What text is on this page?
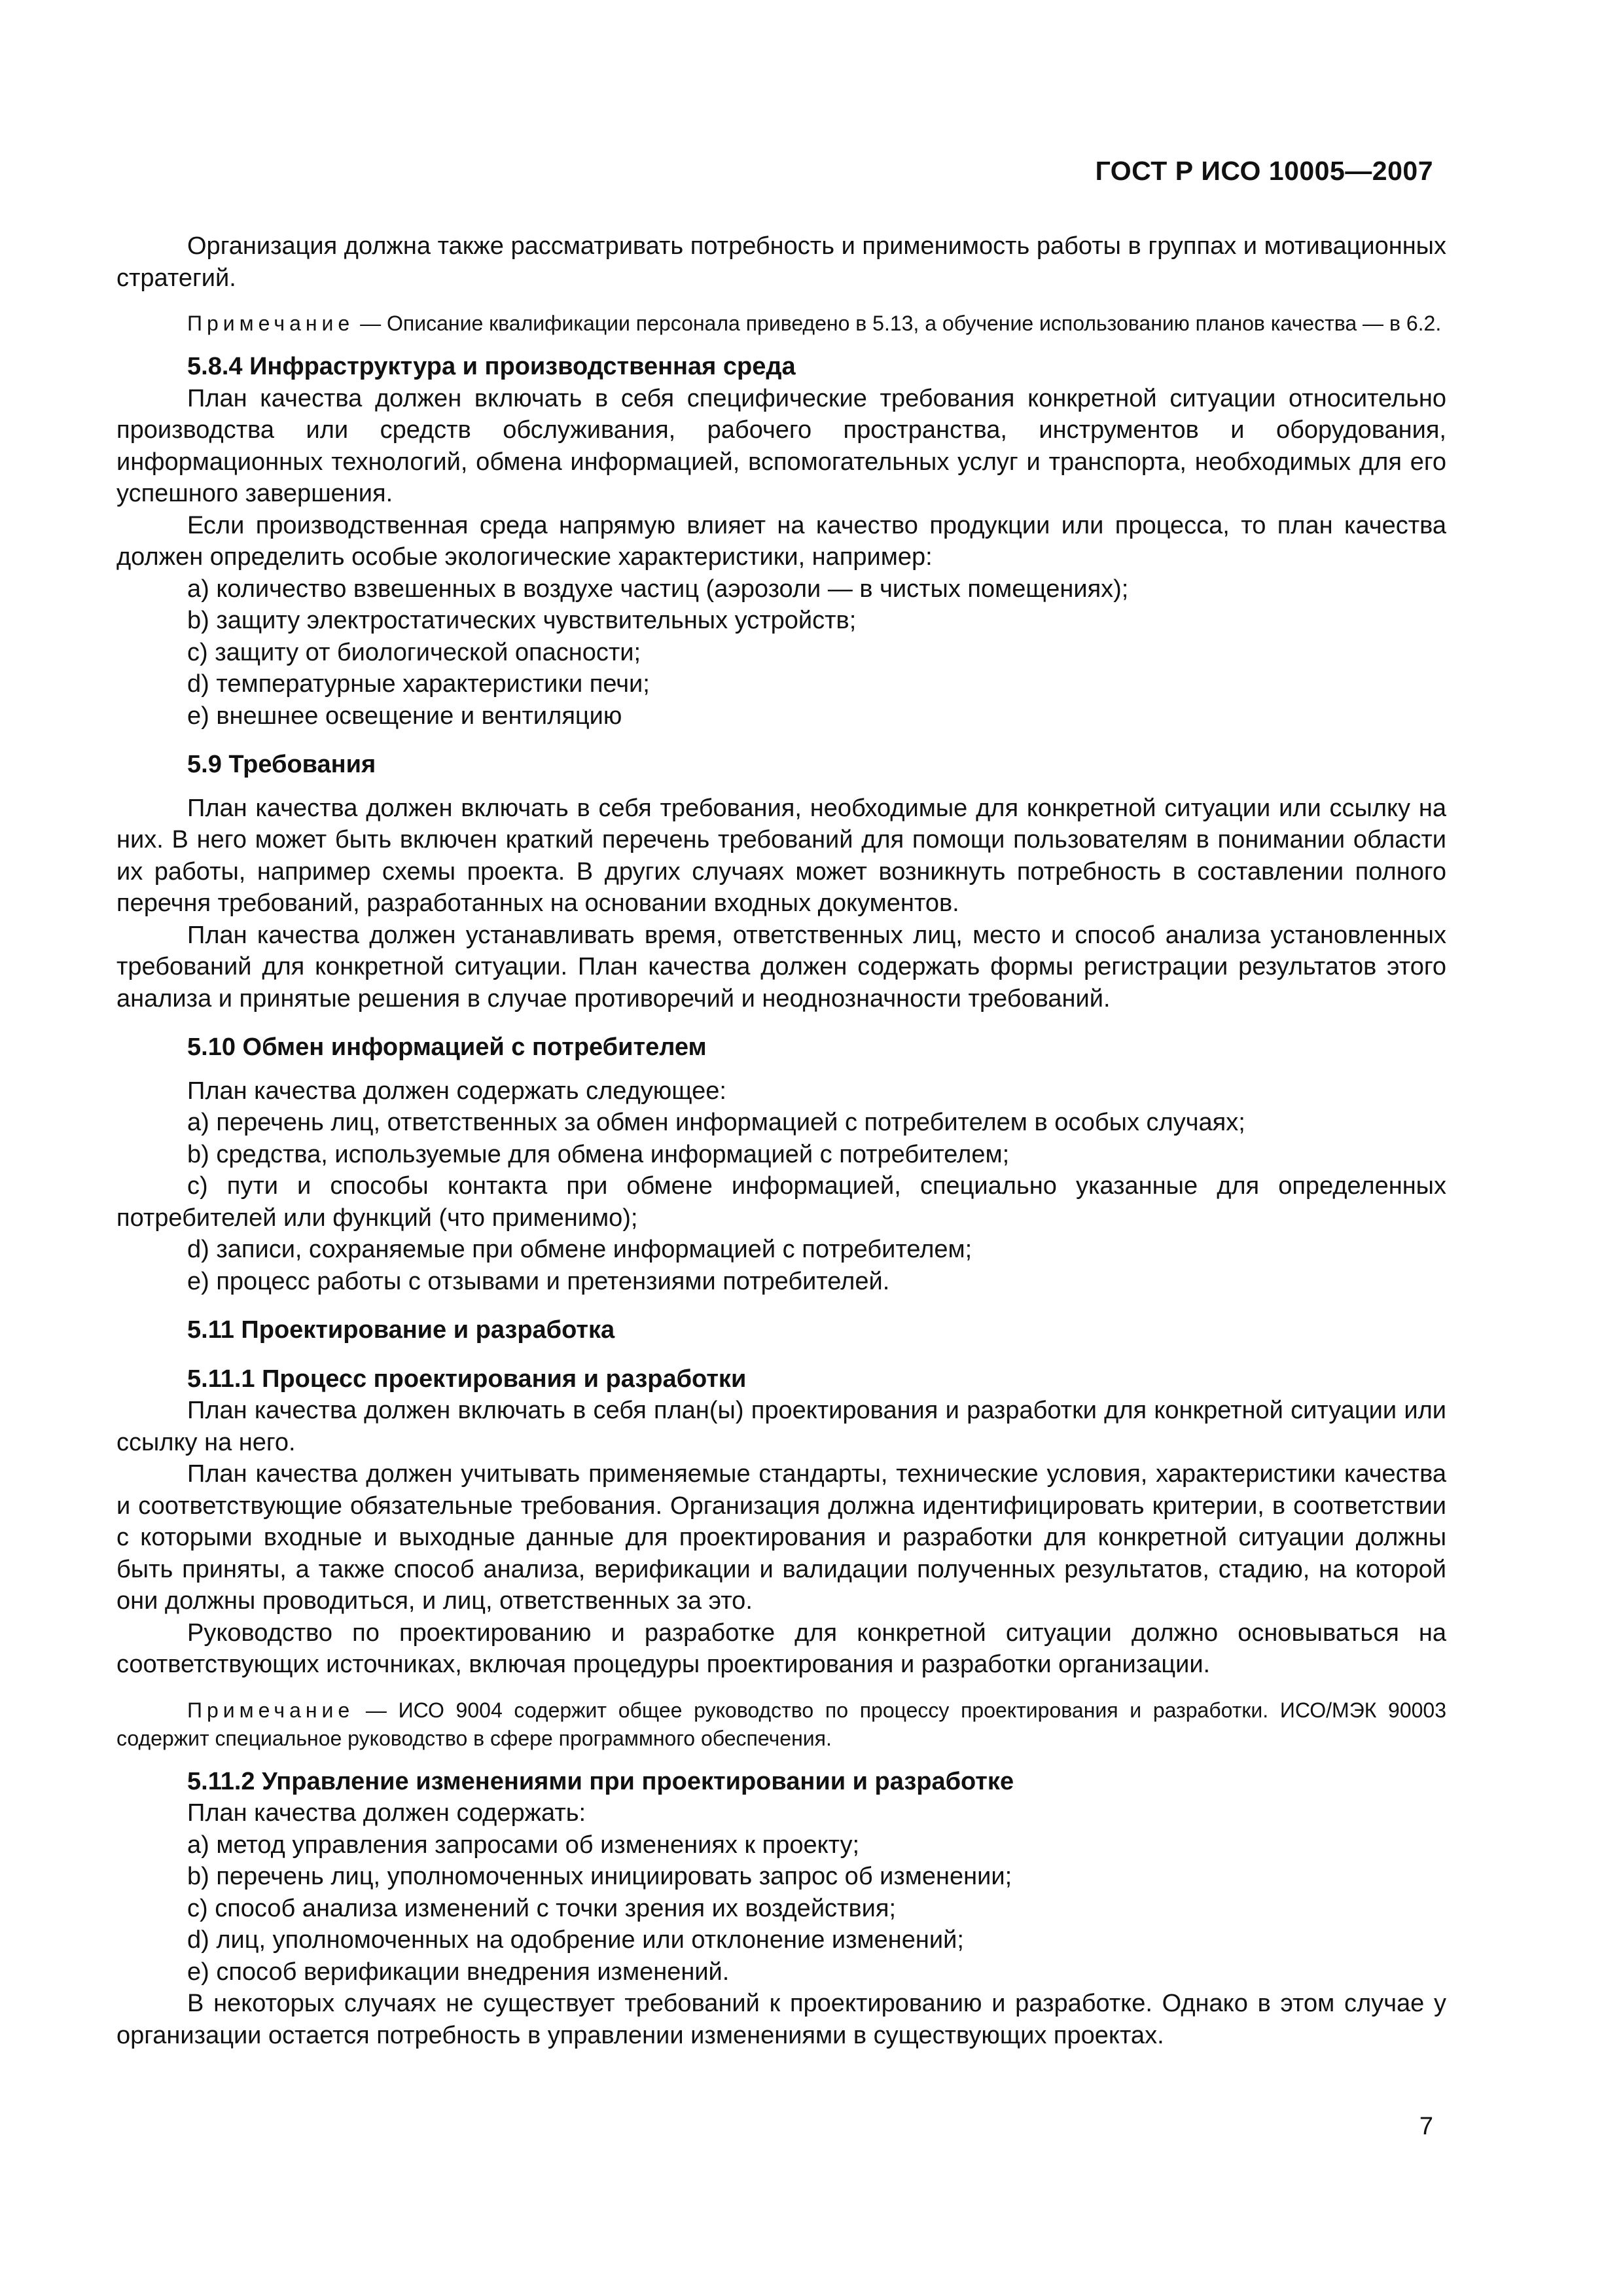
ГОСТ Р ИСО 10005—2007

Организация должна также рассматривать потребность и применимость работы в группах и мотивационных стратегий.

Примечание — Описание квалификации персонала приведено в 5.13, а обучение использованию планов качества — в 6.2.

5.8.4 Инфраструктура и производственная среда

План качества должен включать в себя специфические требования конкретной ситуации относительно производства или средств обслуживания, рабочего пространства, инструментов и оборудования, информационных технологий, обмена информацией, вспомогательных услуг и транспорта, необходимых для его успешного завершения.

Если производственная среда напрямую влияет на качество продукции или процесса, то план качества должен определить особые экологические характеристики, например:

a) количество взвешенных в воздухе частиц (аэрозоли — в чистых помещениях);

b) защиту электростатических чувствительных устройств;

c) защиту от биологической опасности;

d) температурные характеристики печи;

e) внешнее освещение и вентиляцию

5.9 Требования

План качества должен включать в себя требования, необходимые для конкретной ситуации или ссылку на них. В него может быть включен краткий перечень требований для помощи пользователям в понимании области их работы, например схемы проекта. В других случаях может возникнуть потребность в составлении полного перечня требований, разработанных на основании входных документов.

План качества должен устанавливать время, ответственных лиц, место и способ анализа установленных требований для конкретной ситуации. План качества должен содержать формы регистрации результатов этого анализа и принятые решения в случае противоречий и неоднозначности требований.

5.10 Обмен информацией с потребителем

План качества должен содержать следующее:

a) перечень лиц, ответственных за обмен информацией с потребителем в особых случаях;

b) средства, используемые для обмена информацией с потребителем;

c) пути и способы контакта при обмене информацией, специально указанные для определенных потребителей или функций (что применимо);

d) записи, сохраняемые при обмене информацией с потребителем;

e) процесс работы с отзывами и претензиями потребителей.

5.11 Проектирование и разработка

5.11.1 Процесс проектирования и разработки

План качества должен включать в себя план(ы) проектирования и разработки для конкретной ситуации или ссылку на него.

План качества должен учитывать применяемые стандарты, технические условия, характеристики качества и соответствующие обязательные требования. Организация должна идентифицировать критерии, в соответствии с которыми входные и выходные данные для проектирования и разработки для конкретной ситуации должны быть приняты, а также способ анализа, верификации и валидации полученных результатов, стадию, на которой они должны проводиться, и лиц, ответственных за это.

Руководство по проектированию и разработке для конкретной ситуации должно основываться на соответствующих источниках, включая процедуры проектирования и разработки организации.

Примечание — ИСО 9004 содержит общее руководство по процессу проектирования и разработки. ИСО/МЭК 90003 содержит специальное руководство в сфере программного обеспечения.

5.11.2 Управление изменениями при проектировании и разработке

План качества должен содержать:

a) метод управления запросами об изменениях к проекту;

b) перечень лиц, уполномоченных инициировать запрос об изменении;

c) способ анализа изменений с точки зрения их воздействия;

d) лиц, уполномоченных на одобрение или отклонение изменений;

e) способ верификации внедрения изменений.

В некоторых случаях не существует требований к проектированию и разработке. Однако в этом случае у организации остается потребность в управлении изменениями в существующих проектах.

7
